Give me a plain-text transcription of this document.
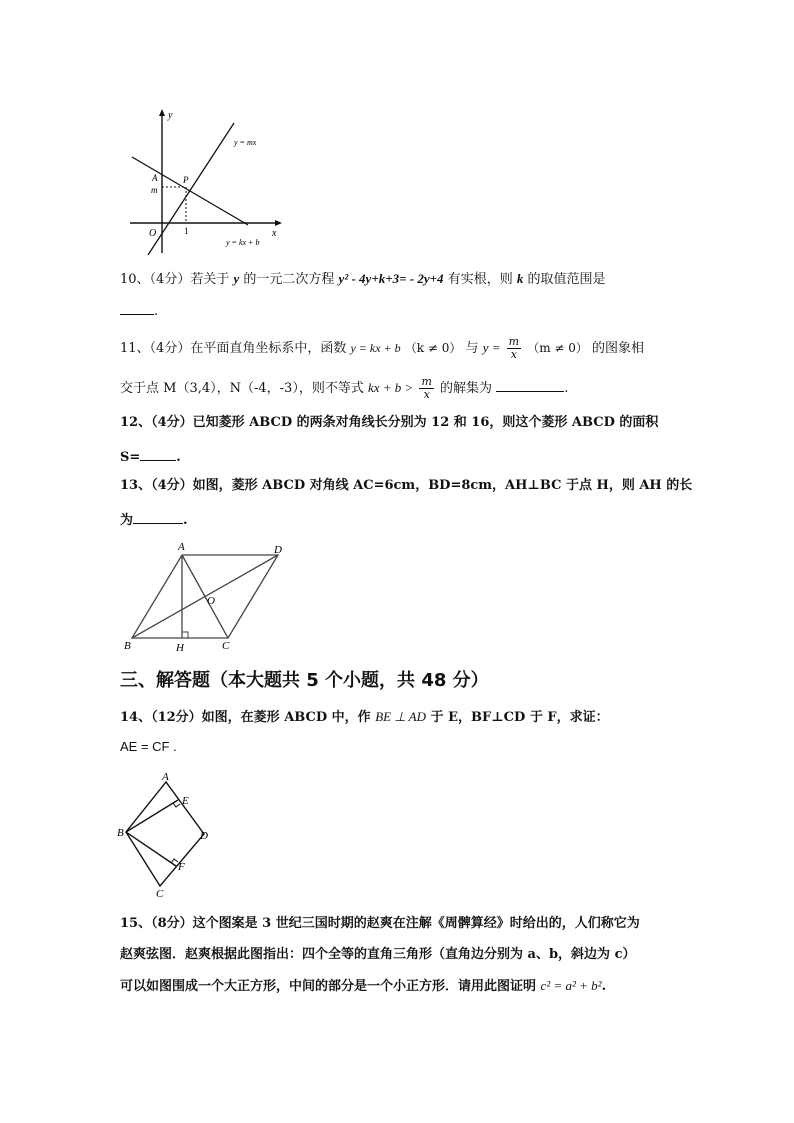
y
x
O
A	P
m
1
y = mx
y = kx + b
10、（4分）若关于 y 的一元二次方程 y² - 4y+k+3= - 2y+4 有实根，则 k 的取值范围是
.
11、（4分）在平面直角坐标系中，函数 y = kx + b （k ≠ 0） 与 $y = \frac{m}{x} (m \ne 0)$ 的图象相
交于点 M（3,4），N（-4，-3），则不等式 kx + $b > \frac{m}{x}$ 的解集为	.
12、（4分）已知菱形 ABCD 的两条对角线长分别为 12 和 16，则这个菱形 ABCD 的面积
S=	.
13、（4分）如图，菱形 ABCD 对角线 AC=6cm，BD=8cm，AH⊥BC 于点 H，则 AH 的长
为	.
A	D
O
B	H	C
三、解答题（本大题共 5 个小题，共 48 分）
14、（12分）如图，在菱形 ABCD 中，作 BE ⊥ AD 于 E，BF⊥CD 于 F，求证：
AE = CF .
A
E
B	D
F
C
15、（8分）这个图案是 3 世纪三国时期的赵爽在注解《周髀算经》时给出的，人们称它为
赵爽弦图．赵爽根据此图指出：四个全等的直角三角形（直角边分别为 a、b，斜边为 c）
可以如图围成一个大正方形，中间的部分是一个小正方形．请用此图证明 c² = a² + b².
